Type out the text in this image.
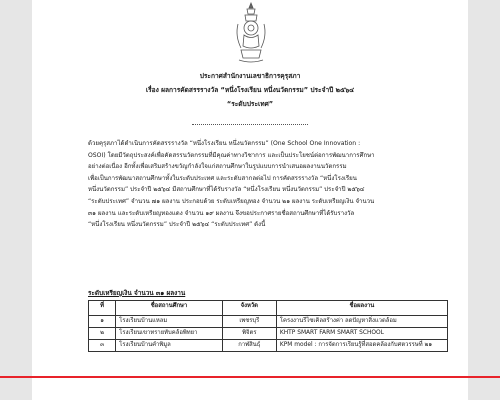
ประกาศสำนักงานเลขาธิการคุรุสภา
เรื่อง ผลการคัดสรรรางวัล “หนึ่งโรงเรียน หนึ่งนวัตกรรม” ประจำปี ๒๕๖๔
“ระดับประเทศ”
ด้วยคุรุสภาได้ดำเนินการคัดสรรรางวัล “หนึ่งโรงเรียน หนึ่งนวัตกรรม” (One School One Innovation :
OSOI) โดยมีวัตถุประสงค์เพื่อคัดสรรนวัตกรรมที่มีคุณค่าทางวิชาการ และเป็นประโยชน์ต่อการพัฒนาการศึกษา
อย่างต่อเนื่อง อีกทั้งเพื่อเสริมสร้างขวัญกำลังใจแก่สถานศึกษาในรูปแบบการนำเสนอผลงานนวัตกรรม
เพื่อเป็นการพัฒนาสถานศึกษาทั้งในระดับประเทศ และระดับสากลต่อไป การคัดสรรรางวัล “หนึ่งโรงเรียน
หนึ่งนวัตกรรม” ประจำปี ๒๕๖๔ มีสถานศึกษาที่ได้รับรางวัล “หนึ่งโรงเรียน หนึ่งนวัตกรรม” ประจำปี ๒๕๖๔
“ระดับประเทศ” จำนวน ๗๑ ผลงาน ประกอบด้วย ระดับเหรียญทอง จำนวน ๒๑ ผลงาน ระดับเหรียญเงิน จำนวน
๓๑ ผลงาน และระดับเหรียญทองแดง จำนวน ๑๙ ผลงาน จึงขอประกาศรายชื่อสถานศึกษาที่ได้รับรางวัล
“หนึ่งโรงเรียน หนึ่งนวัตกรรม” ประจำปี ๒๕๖๔ “ระดับประเทศ” ดังนี้
ระดับเหรียญเงิน จำนวน ๓๑ ผลงาน
ที่	ชื่อสถานศึกษา	จังหวัด	ชื่อผลงาน
๑	โรงเรียนบ้านแหลม	เพชรบุรี	โครงงานรีไซเคิลสร้างค่า ลดปัญหาสิ่งแวดล้อม
๒	โรงเรียนเขาทรายทับคล้อพิทยา	พิจิตร	KHTP SMART FARM SMART SCHOOL
๓	โรงเรียนบ้านคำพิมูล	กาฬสินธุ์	KPM model : การจัดการเรียนรู้ที่สอดคล้องกับศตวรรษที่ ๒๑
